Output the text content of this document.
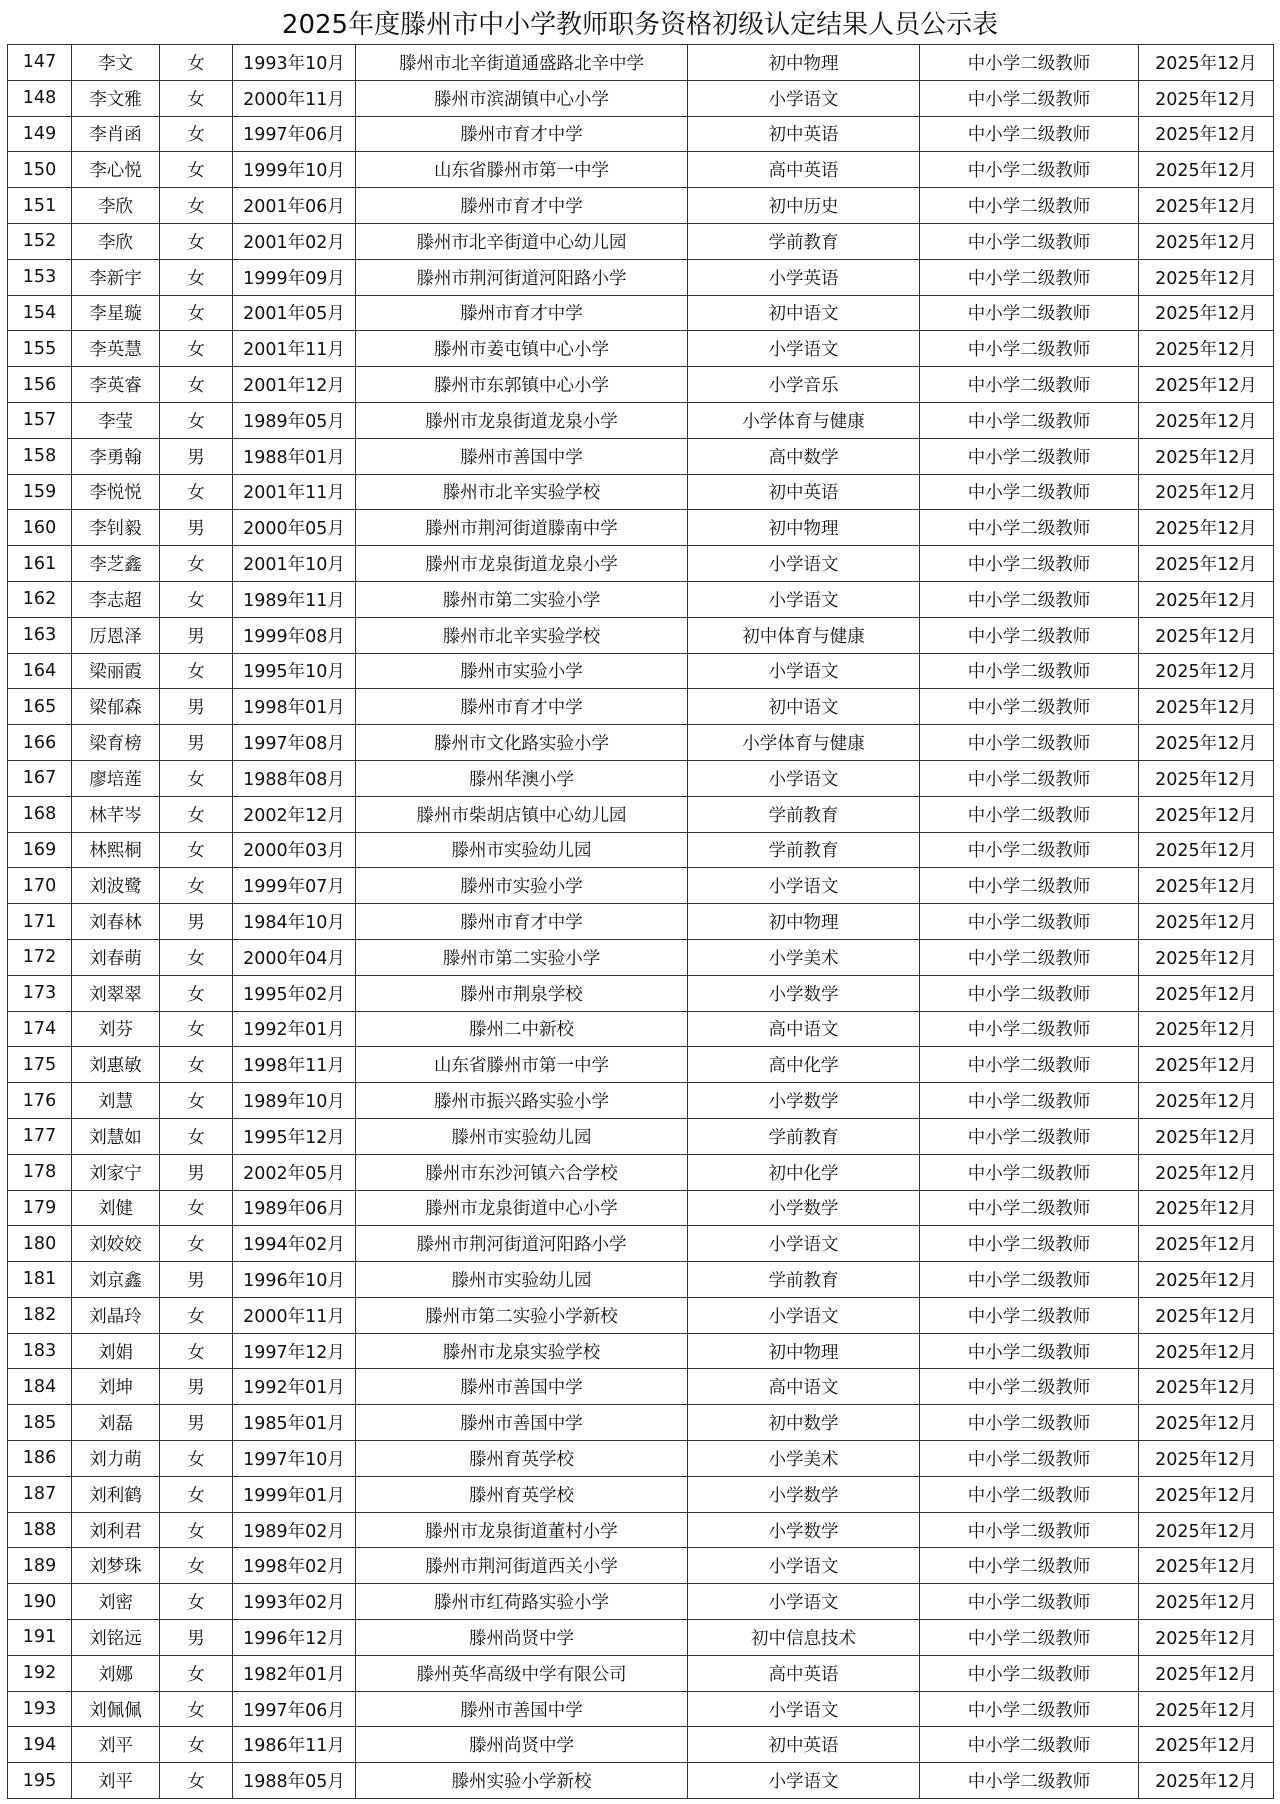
2025年度滕州市中小学教师职务资格初级认定结果人员公示表
147	李文	女	1993年10月	滕州市北辛街道通盛路北辛中学	初中物理	中小学二级教师	2025年12月
148	李文雅	女	2000年11月	滕州市滨湖镇中心小学	小学语文	中小学二级教师	2025年12月
149	李肖函	女	1997年06月	滕州市育才中学	初中英语	中小学二级教师	2025年12月
150	李心悦	女	1999年10月	山东省滕州市第一中学	高中英语	中小学二级教师	2025年12月
151	李欣	女	2001年06月	滕州市育才中学	初中历史	中小学二级教师	2025年12月
152	李欣	女	2001年02月	滕州市北辛街道中心幼儿园	学前教育	中小学二级教师	2025年12月
153	李新宇	女	1999年09月	滕州市荆河街道河阳路小学	小学英语	中小学二级教师	2025年12月
154	李星璇	女	2001年05月	滕州市育才中学	初中语文	中小学二级教师	2025年12月
155	李英慧	女	2001年11月	滕州市姜屯镇中心小学	小学语文	中小学二级教师	2025年12月
156	李英睿	女	2001年12月	滕州市东郭镇中心小学	小学音乐	中小学二级教师	2025年12月
157	李莹	女	1989年05月	滕州市龙泉街道龙泉小学	小学体育与健康	中小学二级教师	2025年12月
158	李勇翰	男	1988年01月	滕州市善国中学	高中数学	中小学二级教师	2025年12月
159	李悦悦	女	2001年11月	滕州市北辛实验学校	初中英语	中小学二级教师	2025年12月
160	李钊毅	男	2000年05月	滕州市荆河街道滕南中学	初中物理	中小学二级教师	2025年12月
161	李芝鑫	女	2001年10月	滕州市龙泉街道龙泉小学	小学语文	中小学二级教师	2025年12月
162	李志超	女	1989年11月	滕州市第二实验小学	小学语文	中小学二级教师	2025年12月
163	厉恩泽	男	1999年08月	滕州市北辛实验学校	初中体育与健康	中小学二级教师	2025年12月
164	梁丽霞	女	1995年10月	滕州市实验小学	小学语文	中小学二级教师	2025年12月
165	梁郁森	男	1998年01月	滕州市育才中学	初中语文	中小学二级教师	2025年12月
166	梁育榜	男	1997年08月	滕州市文化路实验小学	小学体育与健康	中小学二级教师	2025年12月
167	廖培莲	女	1988年08月	滕州华澳小学	小学语文	中小学二级教师	2025年12月
168	林芊岑	女	2002年12月	滕州市柴胡店镇中心幼儿园	学前教育	中小学二级教师	2025年12月
169	林熙桐	女	2000年03月	滕州市实验幼儿园	学前教育	中小学二级教师	2025年12月
170	刘波鹭	女	1999年07月	滕州市实验小学	小学语文	中小学二级教师	2025年12月
171	刘春林	男	1984年10月	滕州市育才中学	初中物理	中小学二级教师	2025年12月
172	刘春萌	女	2000年04月	滕州市第二实验小学	小学美术	中小学二级教师	2025年12月
173	刘翠翠	女	1995年02月	滕州市荆泉学校	小学数学	中小学二级教师	2025年12月
174	刘芬	女	1992年01月	滕州二中新校	高中语文	中小学二级教师	2025年12月
175	刘惠敏	女	1998年11月	山东省滕州市第一中学	高中化学	中小学二级教师	2025年12月
176	刘慧	女	1989年10月	滕州市振兴路实验小学	小学数学	中小学二级教师	2025年12月
177	刘慧如	女	1995年12月	滕州市实验幼儿园	学前教育	中小学二级教师	2025年12月
178	刘家宁	男	2002年05月	滕州市东沙河镇六合学校	初中化学	中小学二级教师	2025年12月
179	刘健	女	1989年06月	滕州市龙泉街道中心小学	小学数学	中小学二级教师	2025年12月
180	刘姣姣	女	1994年02月	滕州市荆河街道河阳路小学	小学语文	中小学二级教师	2025年12月
181	刘京鑫	男	1996年10月	滕州市实验幼儿园	学前教育	中小学二级教师	2025年12月
182	刘晶玲	女	2000年11月	滕州市第二实验小学新校	小学语文	中小学二级教师	2025年12月
183	刘娟	女	1997年12月	滕州市龙泉实验学校	初中物理	中小学二级教师	2025年12月
184	刘坤	男	1992年01月	滕州市善国中学	高中语文	中小学二级教师	2025年12月
185	刘磊	男	1985年01月	滕州市善国中学	初中数学	中小学二级教师	2025年12月
186	刘力萌	女	1997年10月	滕州育英学校	小学美术	中小学二级教师	2025年12月
187	刘利鹤	女	1999年01月	滕州育英学校	小学数学	中小学二级教师	2025年12月
188	刘利君	女	1989年02月	滕州市龙泉街道董村小学	小学数学	中小学二级教师	2025年12月
189	刘梦珠	女	1998年02月	滕州市荆河街道西关小学	小学语文	中小学二级教师	2025年12月
190	刘密	女	1993年02月	滕州市红荷路实验小学	小学语文	中小学二级教师	2025年12月
191	刘铭远	男	1996年12月	滕州尚贤中学	初中信息技术	中小学二级教师	2025年12月
192	刘娜	女	1982年01月	滕州英华高级中学有限公司	高中英语	中小学二级教师	2025年12月
193	刘佩佩	女	1997年06月	滕州市善国中学	小学语文	中小学二级教师	2025年12月
194	刘平	女	1986年11月	滕州尚贤中学	初中英语	中小学二级教师	2025年12月
195	刘平	女	1988年05月	滕州实验小学新校	小学语文	中小学二级教师	2025年12月
